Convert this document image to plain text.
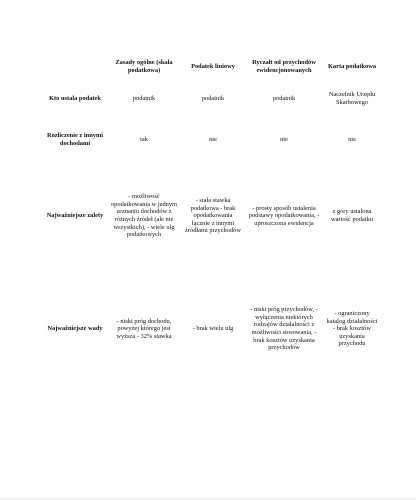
	Zasady ogólne (skala podatkowa)	Podatek liniowy	Ryczałt od przychodów ewidencjonowanych	Karta podatkowa
Kto ustala podatek	podatnik	podatnik	podatnik	Naczelnik Urzędu Skarbowego
Rozliczenie z innymi dochodami	tak	nie	nie	nie
Najważniejsze zalety	- możliwość opodatkowania w jednym zeznaniu dochodów z różnych źródeł (ale nie wszystkich), - wiele ulg podatkowych	- stała stawka podatkowa - brak opodatkowania łącznie z innymi źródłami przychodów	- prosty sposób ustalenia podstawy opodatkowania, - uproszczona ewidencja	z góry ustalona wartość podatku
Najważniejsze wady	- niski próg dochodu, powyżej którego jest wyższa - 32% stawka	- brak wielu ulg	- niski próg przychodów, - wyłączenia niektórych rodzajów działalności z możliwości stosowania, - brak kosztów uzyskania przychodów	- ograniczony katalog działalności - brak kosztów uzyskania przychodu
